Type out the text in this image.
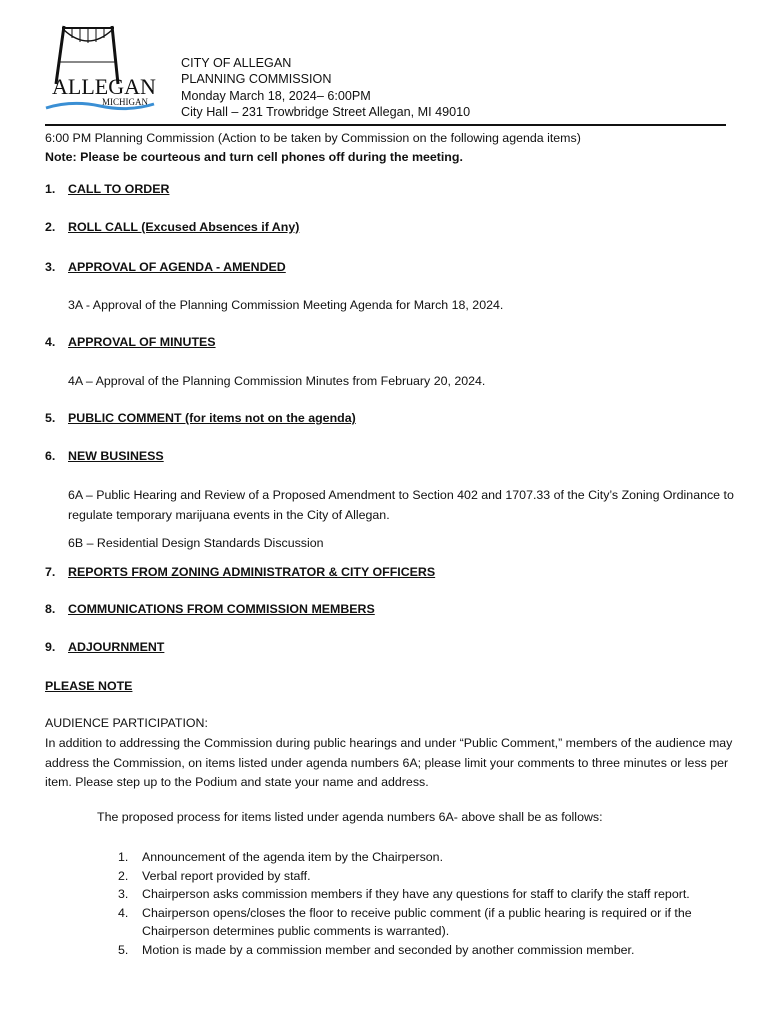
ALLEGAN
MICHIGAN
CITY OF ALLEGAN
PLANNING COMMISSION
Monday March 18, 2024– 6:00PM
City Hall – 231 Trowbridge Street Allegan, MI 49010
6:00 PM Planning Commission (Action to be taken by Commission on the following agenda items)
Note: Please be courteous and turn cell phones off during the meeting.
1. CALL TO ORDER
2. ROLL CALL (Excused Absences if Any)
3. APPROVAL OF AGENDA - AMENDED
3A - Approval of the Planning Commission Meeting Agenda for March 18, 2024.
4. APPROVAL OF MINUTES
4A – Approval of the Planning Commission Minutes from February 20, 2024.
5. PUBLIC COMMENT (for items not on the agenda)
6. NEW BUSINESS
6A – Public Hearing and Review of a Proposed Amendment to Section 402 and 1707.33 of the City’s Zoning Ordinance to regulate temporary marijuana events in the City of Allegan.
6B – Residential Design Standards Discussion
7. REPORTS FROM ZONING ADMINISTRATOR & CITY OFFICERS
8. COMMUNICATIONS FROM COMMISSION MEMBERS
9. ADJOURNMENT
PLEASE NOTE
AUDIENCE PARTICIPATION:
In addition to addressing the Commission during public hearings and under “Public Comment,” members of the audience may address the Commission, on items listed under agenda numbers 6A; please limit your comments to three minutes or less per item. Please step up to the Podium and state your name and address.
The proposed process for items listed under agenda numbers 6A- above shall be as follows:
1.	Announcement of the agenda item by the Chairperson.
2.	Verbal report provided by staff.
3.	Chairperson asks commission members if they have any questions for staff to clarify the staff report.
4.	Chairperson opens/closes the floor to receive public comment (if a public hearing is required or if the Chairperson determines public comments is warranted).
5.	Motion is made by a commission member and seconded by another commission member.
